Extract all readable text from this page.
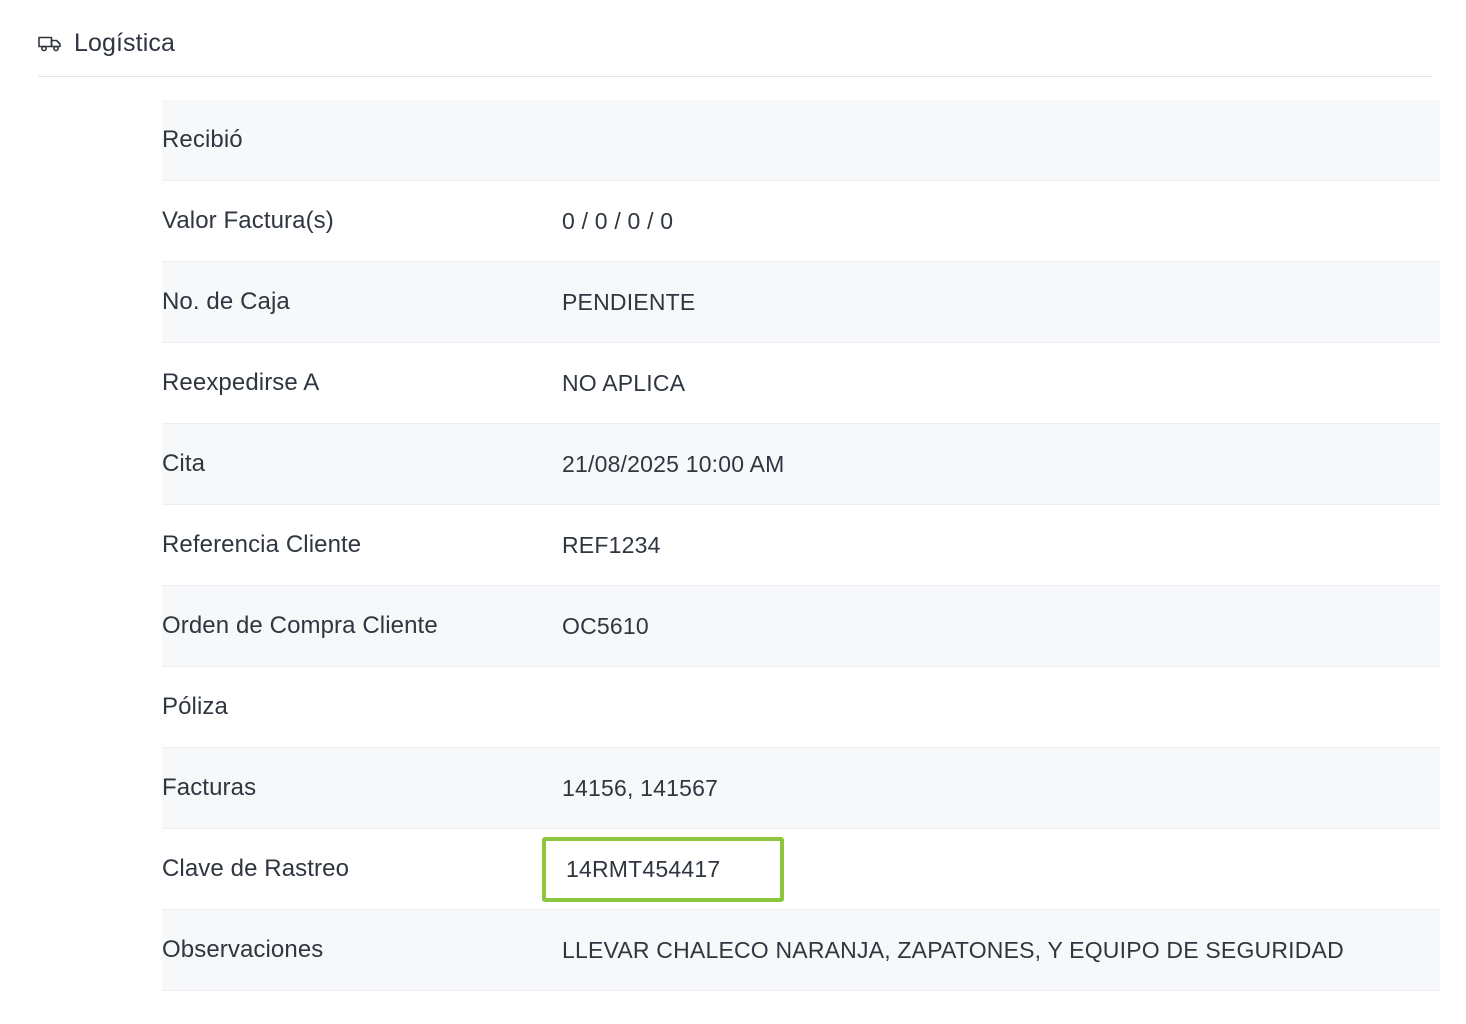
Logística
Recibió	
Valor Factura(s)	0 / 0 / 0 / 0
No. de Caja	PENDIENTE
Reexpedirse A	NO APLICA
Cita	21/08/2025 10:00 AM
Referencia Cliente	REF1234
Orden de Compra Cliente	OC5610
Póliza	
Facturas	14156, 141567
Clave de Rastreo	14RMT454417
Observaciones	LLEVAR CHALECO NARANJA, ZAPATONES, Y EQUIPO DE SEGURIDAD
